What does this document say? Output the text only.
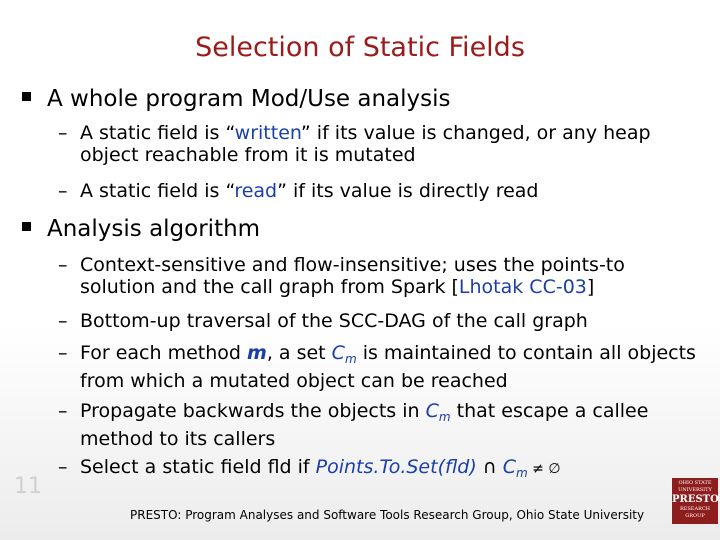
Selection of Static Fields
A whole program Mod/Use analysis
– A static field is “written” if its value is changed, or any heap object reachable from it is mutated
– A static field is “read” if its value is directly read
Analysis algorithm
– Context-sensitive and flow-insensitive; uses the points-to solution and the call graph from Spark [Lhotak CC-03]
– Bottom-up traversal of the SCC-DAG of the call graph
– For each method m, a set $C_m$ is maintained to contain all objects from which a mutated object can be reached
– Propagate backwards the objects in $C_m$ that escape a callee method to its callers
– Select a static field fld if Points.To.Set(fld) ∩ $C_m$ ≠ ∅
11
PRESTO: Program Analyses and Software Tools Research Group, Ohio State University
OHIO STATE UNIVERSITY
PRESTO
RESEARCH GROUP
